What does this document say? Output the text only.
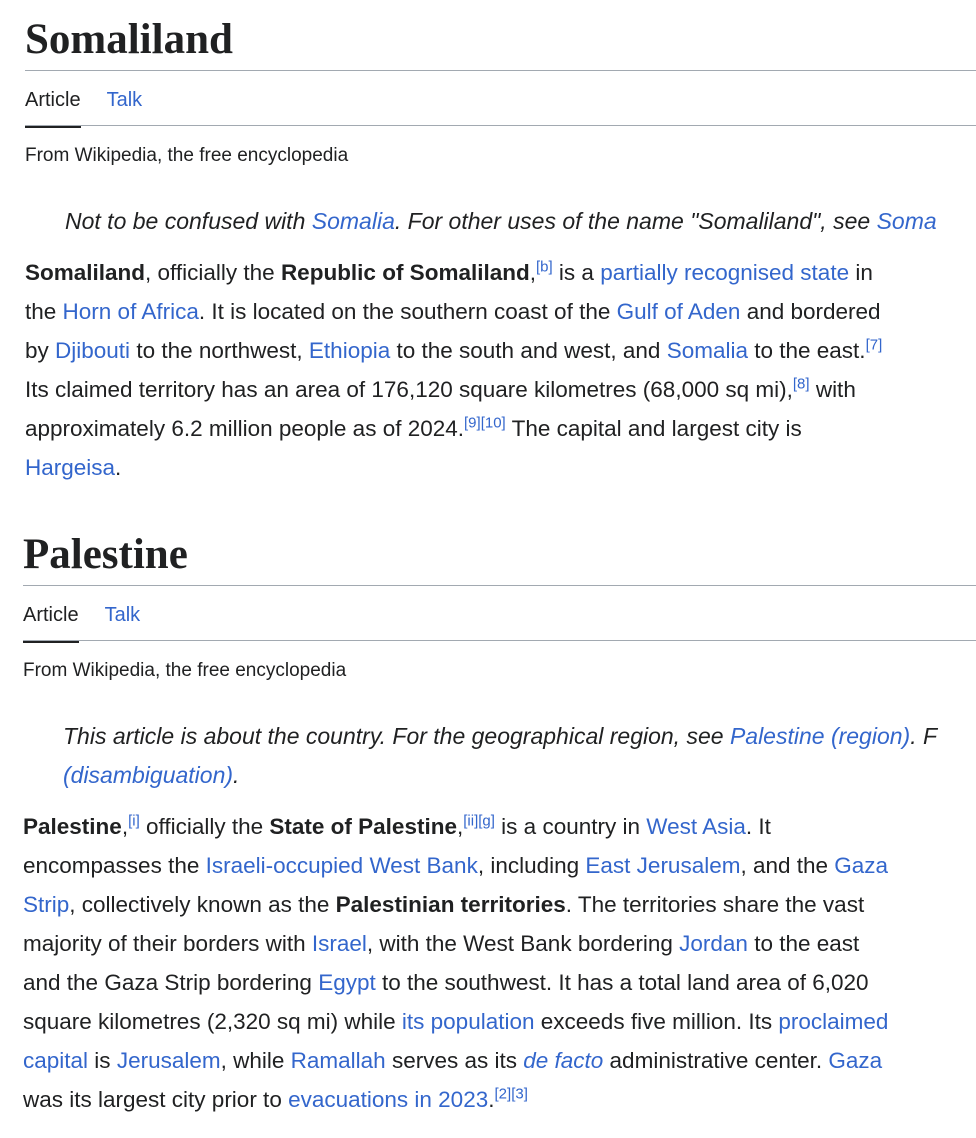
Somaliland
Article Talk
From Wikipedia, the free encyclopedia
Not to be confused with Somalia. For other uses of the name "Somaliland", see Soma
Somaliland, officially the Republic of Somaliland,[b] is a partially recognised state in
the Horn of Africa. It is located on the southern coast of the Gulf of Aden and bordered
by Djibouti to the northwest, Ethiopia to the south and west, and Somalia to the east.[7]
Its claimed territory has an area of 176,120 square kilometres (68,000 sq mi),[8] with
approximately 6.2 million people as of 2024.[9][10] The capital and largest city is
Hargeisa.
Palestine
Article Talk
From Wikipedia, the free encyclopedia
This article is about the country. For the geographical region, see Palestine (region). F
(disambiguation).
Palestine,[i] officially the State of Palestine,[ii][g] is a country in West Asia. It
encompasses the Israeli-occupied West Bank, including East Jerusalem, and the Gaza
Strip, collectively known as the Palestinian territories. The territories share the vast
majority of their borders with Israel, with the West Bank bordering Jordan to the east
and the Gaza Strip bordering Egypt to the southwest. It has a total land area of 6,020
square kilometres (2,320 sq mi) while its population exceeds five million. Its proclaimed
capital is Jerusalem, while Ramallah serves as its de facto administrative center. Gaza
was its largest city prior to evacuations in 2023.[2][3]
